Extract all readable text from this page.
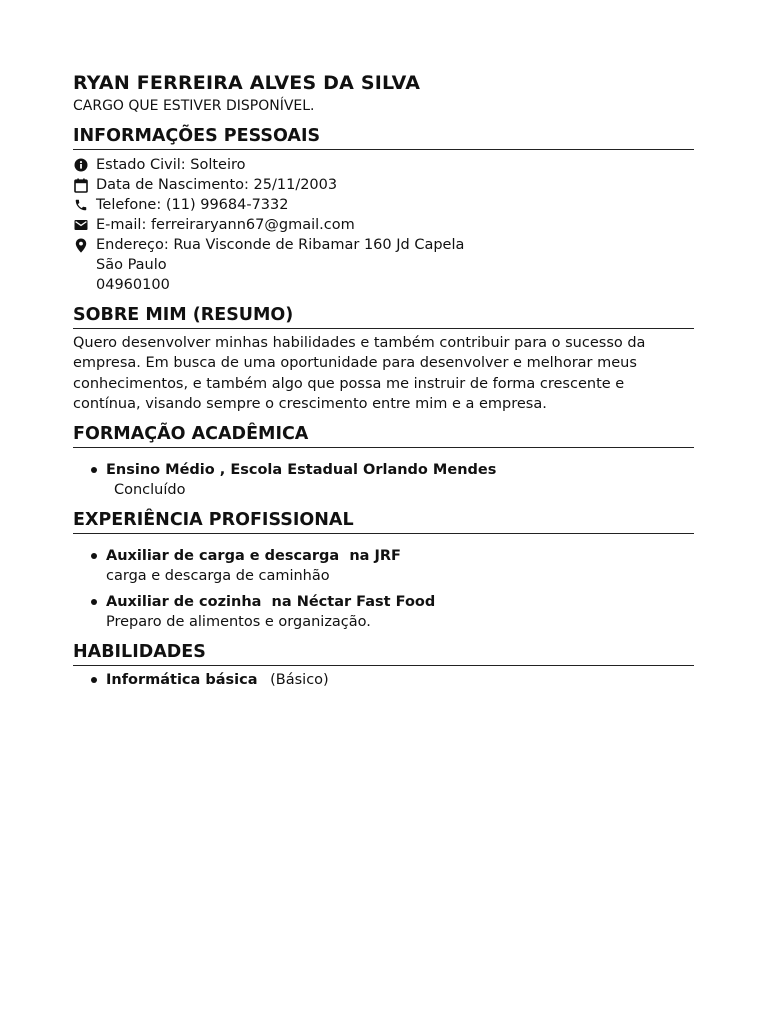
RYAN FERREIRA ALVES DA SILVA

CARGO QUE ESTIVER DISPONÍVEL.

INFORMAÇÕES PESSOAIS
Estado Civil: Solteiro
Data de Nascimento: 25/11/2003
Telefone: (11) 99684-7332
E-mail: ferreiraryann67@gmail.com
Endereço: Rua Visconde de Ribamar 160 Jd Capela
São Paulo
04960100
SOBRE MIM (RESUMO)

Quero desenvolver minhas habilidades e também contribuir para o sucesso da empresa. Em busca de uma oportunidade para desenvolver e melhorar meus conhecimentos, e também algo que possa me instruir de forma crescente e contínua, visando sempre o crescimento entre mim e a empresa.

FORMAÇÃO ACADÊMICA
Ensino Médio , Escola Estadual Orlando Mendes
Concluído
EXPERIÊNCIA PROFISSIONAL
Auxiliar de carga e descarga  na JRF
carga e descarga de caminhão
Auxiliar de cozinha  na Néctar Fast Food
Preparo de alimentos e organização.
HABILIDADES
Informática básica (Básico)
